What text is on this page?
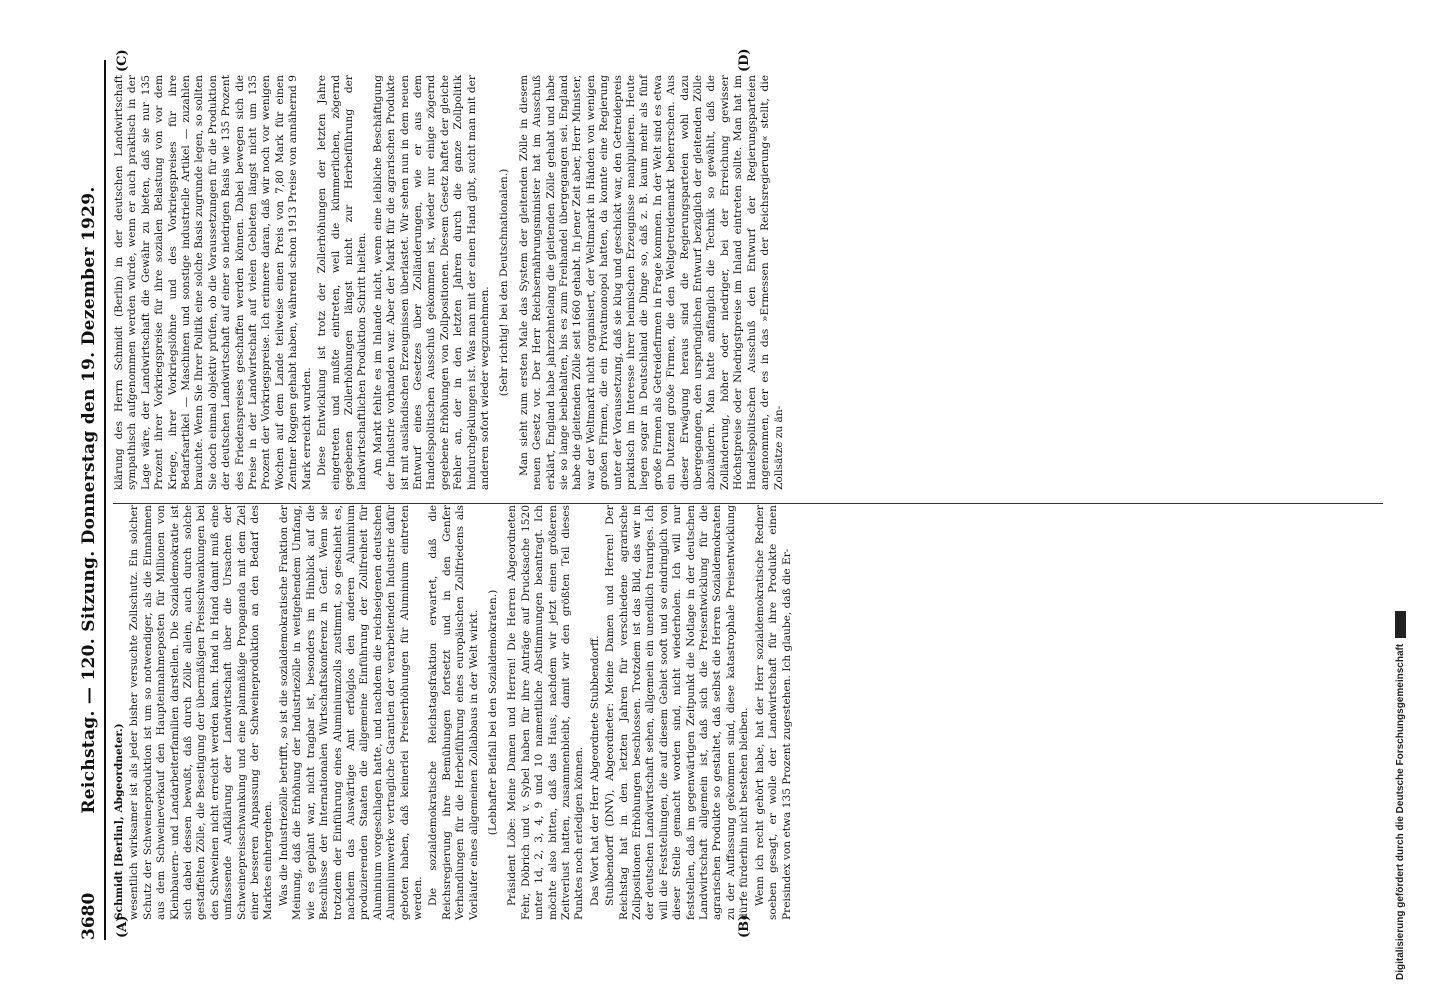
3680
Reichstag. — 120. Sitzung. Donnerstag den 19. Dezember 1929.
(A)	(B)
(C)	(D)

Schmidt [Berlin], Abgeordneter.) wesentlich wirksamer ist als jeder bisher versuchte Zollschutz. Ein solcher Schutz der Schweineproduktion ist um so notwendiger, als die Einnahmen aus dem Schweineverkauf den Haupteinnahmeposten für Millionen von Kleinbauern- und Landarbeiterfamilien darstellen. Die Sozialdemokratie ist sich dabei dessen bewußt, daß durch Zölle allein, auch durch solche gestaffelten Zölle, die Beseitigung der übermäßigen Preisschwankungen bei den Schweinen nicht erreicht werden kann. Hand in Hand damit muß eine umfassende Aufklärung der Landwirtschaft über die Ursachen der Schweinepreisschwankung und eine planmäßige Propaganda mit dem Ziel einer besseren Anpassung der Schweineproduktion an den Bedarf des Marktes einhergehen. Was die Industriezölle betrifft, so ist die sozialdemokratische Fraktion der Meinung, daß die Erhöhung der Industriezölle in weitgehendem Umfang, wie es geplant war, nicht tragbar ist, besonders im Hinblick auf die Beschlüsse der Internationalen Wirtschaftskonferenz in Genf. Wenn sie trotzdem der Einführung eines Aluminiumzolls zustimmt, so geschieht es, nachdem das Auswärtige Amt erfolglos den anderen Aluminium produzierenden Staaten die allgemeine Einführung der Zollfreiheit für Aluminium vorgeschlagen hatte, und nachdem die reichseigenen deutschen Aluminiumwerke vertragliche Garantien der verarbeitenden Industrie dafür geboten haben, daß keinerlei Preiserhöhungen für Aluminium eintreten werden. Die sozialdemokratische Reichstagsfraktion erwartet, daß die Reichsregierung ihre Bemühungen fortsetzt und in den Genfer Verhandlungen für die Herbeiführung eines europäischen Zollfriedens als Vorläufer eines allgemeinen Zollabbaus in der Welt wirkt. (Lebhafter Beifall bei den Sozialdemokraten.) Präsident Löbe: Meine Damen und Herren! Die Herren Abgeordneten Fehr, Döbrich und v. Sybel haben für ihre Anträge auf Drucksache 1520 unter 1d, 2, 3, 4, 9 und 10 namentliche Abstimmungen beantragt. Ich möchte also bitten, daß das Haus, nachdem wir jetzt einen größeren Zeitverlust hatten, zusammenbleibt, damit wir den größten Teil dieses Punktes noch erledigen können. Das Wort hat der Herr Abgeordnete Stubbendorff. Stubbendorff (DNV), Abgeordneter: Meine Damen und Herren! Der Reichstag hat in den letzten Jahren für verschiedene agrarische Zollpositionen Erhöhungen beschlossen. Trotzdem ist das Bild, das wir in der deutschen Landwirtschaft sehen, allgemein ein unendlich trauriges. Ich will die Feststellungen, die auf diesem Gebiet sooft und so eindringlich von dieser Stelle gemacht worden sind, nicht wiederholen. Ich will nur feststellen, daß im gegenwärtigen Zeitpunkt die Notlage in der deutschen Landwirtschaft allgemein ist, daß sich die Preisentwicklung für die agrarischen Produkte so gestaltet, daß selbst die Herren Sozialdemokraten zu der Auffassung gekommen sind, diese katastrophale Preisentwicklung dürfe fürderhin nicht bestehen bleiben. Wenn ich recht gehört habe, hat der Herr sozialdemokratische Redner soeben gesagt, er wolle der Landwirtschaft für ihre Produkte einen Preisindex von etwa 135 Prozent zugestehen. Ich glaube, daß die Er-

klärung des Herrn Schmidt (Berlin) in der deutschen Landwirtschaft sympathisch aufgenommen werden würde, wenn er auch praktisch in der Lage wäre, der Landwirtschaft die Gewähr zu bieten, daß sie nur 135 Prozent ihrer Vorkriegspreise für ihre sozialen Belastung von vor dem Kriege, ihrer Vorkriegslöhne und des Vorkriegspreises für ihre Bedarfsartikel — Maschinen und sonstige industrielle Artikel — zuzahlen brauchte. Wenn Sie Ihrer Politik eine solche Basis zugrunde legen, so sollten Sie doch einmal objektiv prüfen, ob die Voraussetzungen für die Produktion der deutschen Landwirtschaft auf einer so niedrigen Basis wie 135 Prozent des Friedenspreises geschaffen werden können. Dabei bewegen sich die Preise in der Landwirtschaft auf vielen Gebieten längst nicht um 135 Prozent der Vorkriegspreise. Ich erinnere daran, daß wir noch vor wenigen Wochen auf dem Lande teilweise einen Preis von 7,80 Mark für einen Zentner Roggen gehabt haben, während schon 1913 Preise von annähernd 9 Mark erreicht wurden. Diese Entwicklung ist trotz der Zollerhöhungen der letzten Jahre eingetreten und mußte eintreten, weil die kümmerlichen, zögernd gegebenen Zollerhöhungen längst nicht zur Herbeiführung der landwirtschaftlichen Produktion Schritt hielten. Am Markt fehlte es im Inlande nicht, wenn eine leibliche Beschäftigung der Industrie vorhanden war. Aber der Markt für die agrarischen Produkte ist mit ausländischen Erzeugnissen überlastet. Wir sehen nun in dem neuen Entwurf eines Gesetzes über Zolländerungen, wie er aus dem Handelspolitischen Ausschuß gekommen ist, wieder nur einige zögernd gegebene Erhöhungen von Zollpositionen. Diesem Gesetz haftet der gleiche Fehler an, der in den letzten Jahren durch die ganze Zollpolitik hindurchgeklungen ist. Was man mit der einen Hand gibt, sucht man mit der anderen sofort wieder wegzunehmen. (Sehr richtig! bei den Deutschnationalen.) Man sieht zum ersten Male das System der gleitenden Zölle in diesem neuen Gesetz vor. Der Herr Reichsernährungsminister hat im Ausschuß erklärt, England habe jahrzehntelang die gleitenden Zölle gehabt und habe sie so lange beibehalten, bis es zum Freihandel übergegangen sei. England habe die gleitenden Zölle seit 1660 gehabt. In jener Zeit aber, Herr Minister, war der Weltmarkt nicht organisiert, der Weltmarkt in Händen von wenigen großen Firmen, die ein Privatmonopol hatten, da konnte eine Regierung unter der Voraussetzung, daß sie klug und geschickt war, den Getreidepreis praktisch im Interesse ihrer heimischen Erzeugnisse manipulieren. Heute liegen sogar in Deutschland die Dinge so, daß z. B. kaum mehr als fünf große Firmen als Getreidefirmen in Frage kommen. In der Welt sind es etwa ein Dutzend große Firmen, die den Weltgetreidemarkt beherrschen. Aus dieser Erwägung heraus sind die Regierungsparteien wohl dazu übergegangen, den ursprünglichen Entwurf bezüglich der gleitenden Zölle abzuändern. Man hatte anfänglich die Technik so gewählt, daß die Zolländerung, höher oder niedriger, bei der Erreichung gewisser Höchstpreise oder Niedrigstpreise im Inland eintreten sollte. Man hat im Handelspolitischen Ausschuß den Entwurf der Regierungsparteien angenommen, der es in das »Ermessen der Reichsregierung« stellt, die Zollsätze zu än-

Digitalisierung gefördert durch die Deutsche Forschungsgemeinschaft DFG
